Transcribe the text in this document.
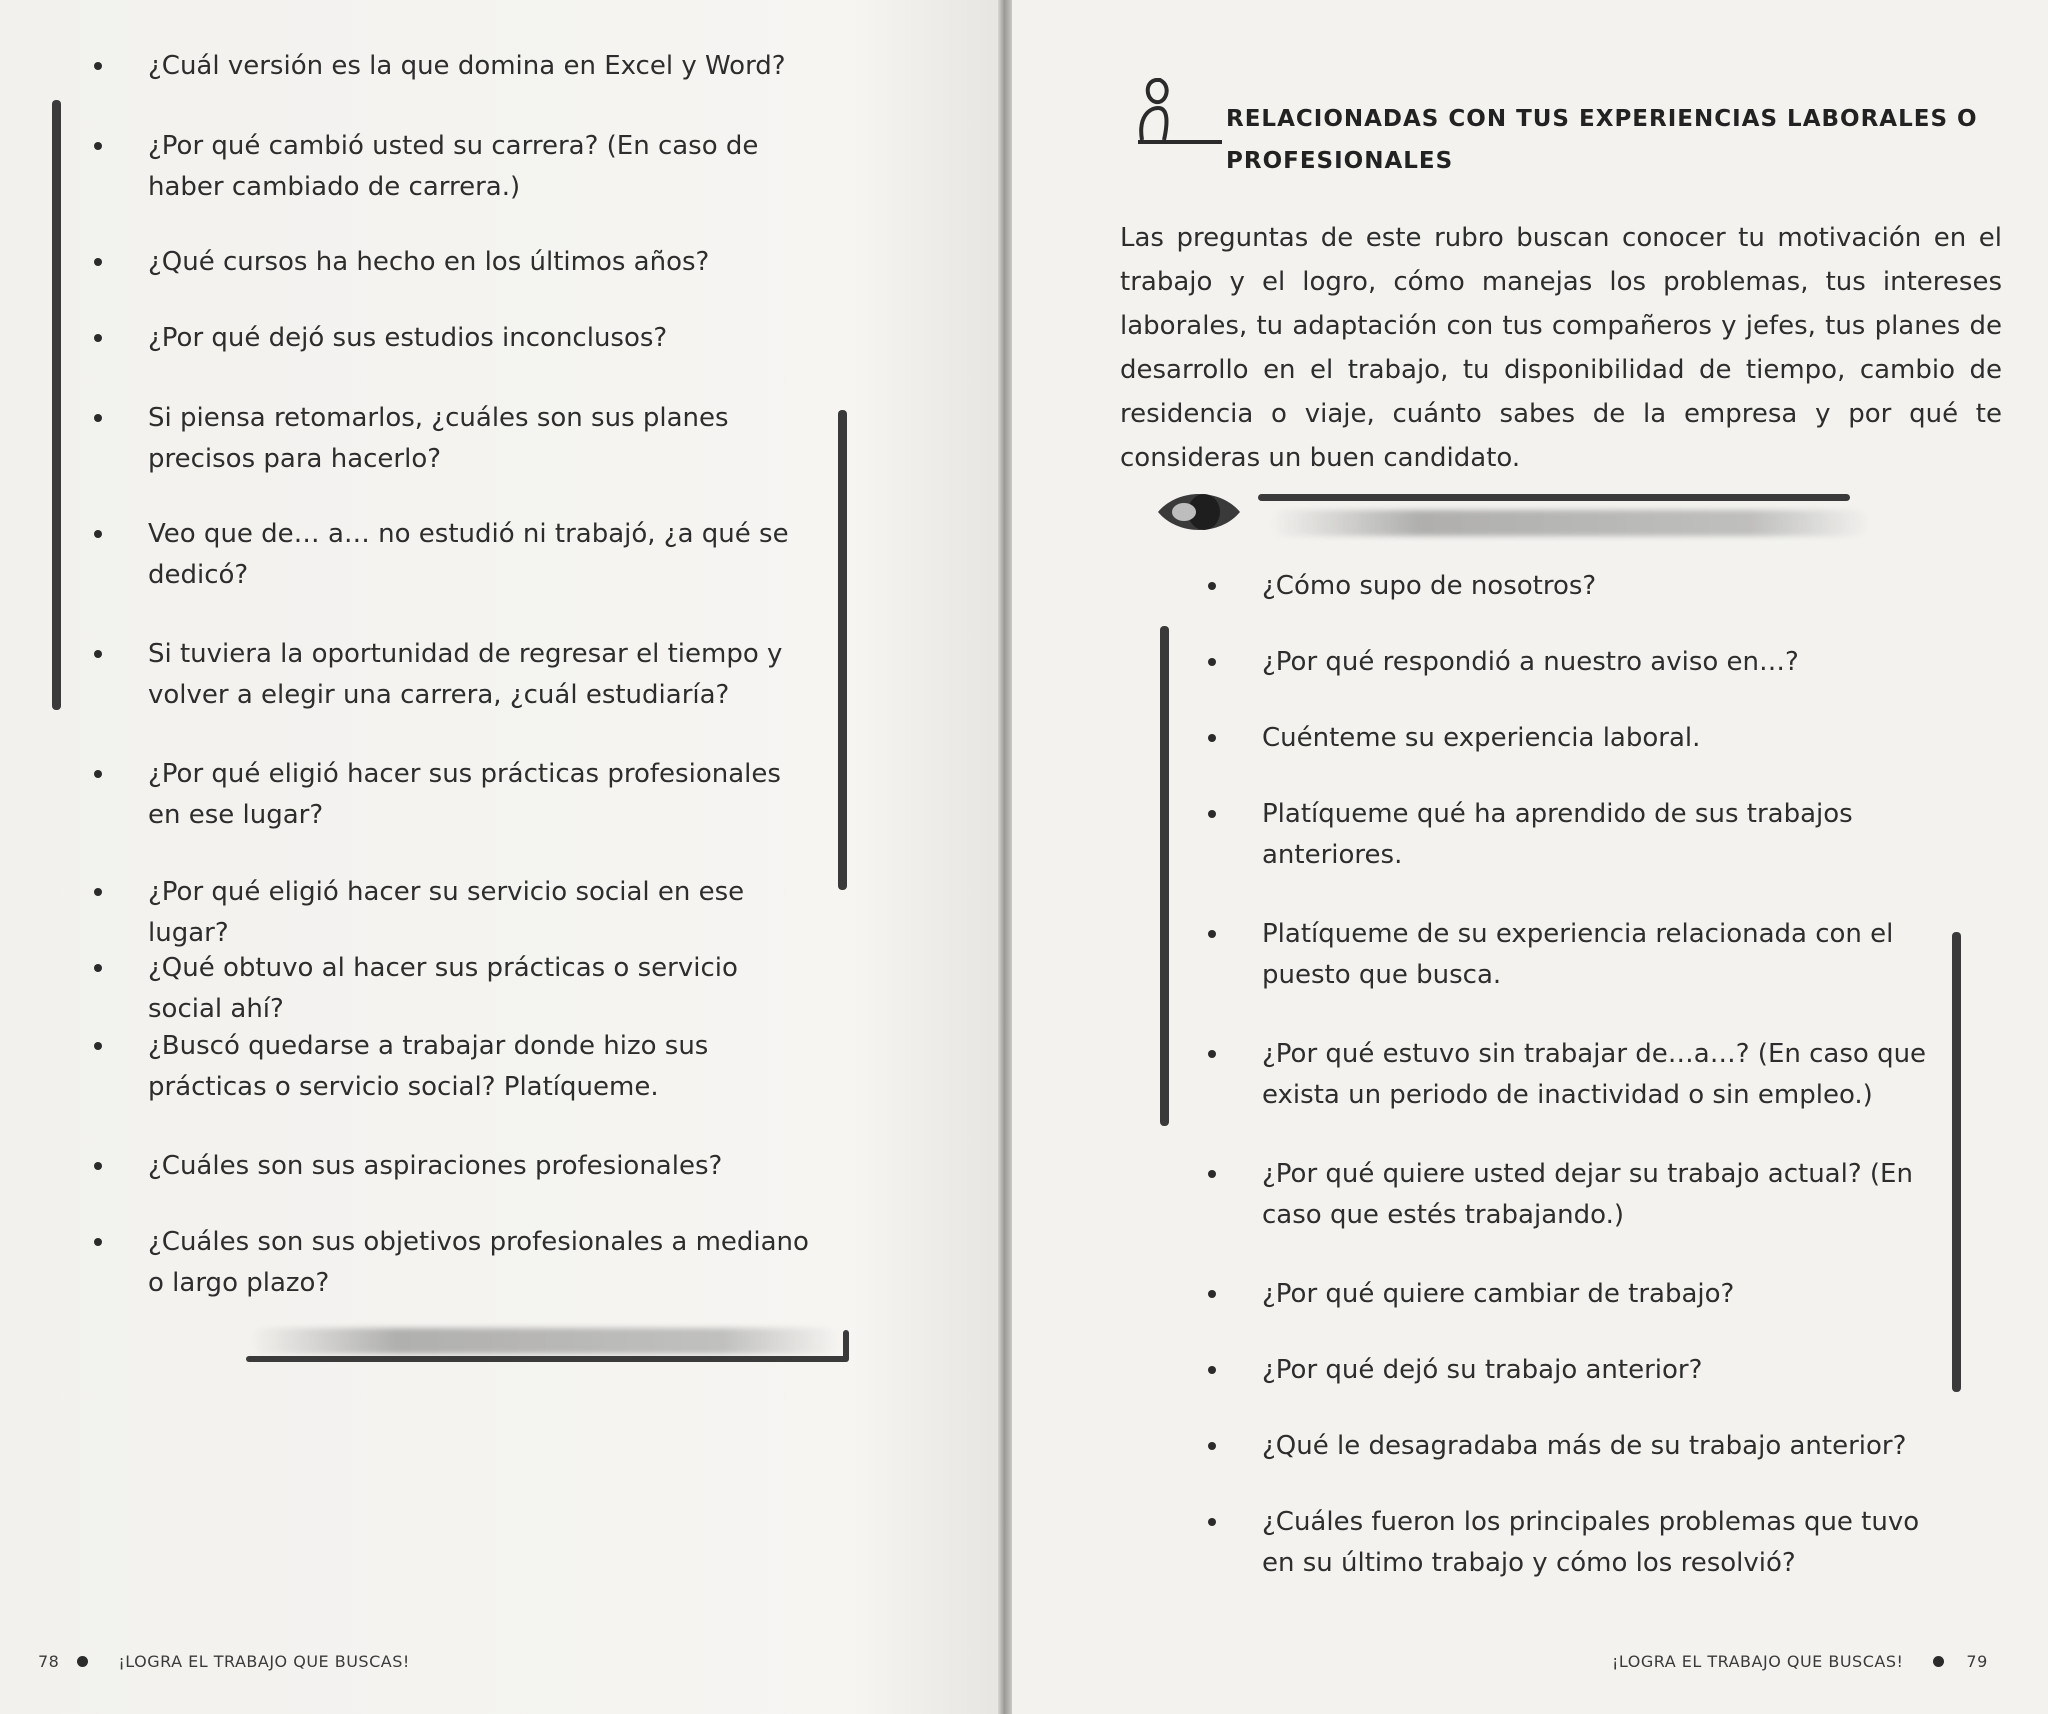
¿Cuál versión es la que domina en Excel y Word?
¿Por qué cambió usted su carrera? (En caso de haber cambiado de carrera.)
¿Qué cursos ha hecho en los últimos años?
¿Por qué dejó sus estudios inconclusos?
Si piensa retomarlos, ¿cuáles son sus planes precisos para hacerlo?
Veo que de… a… no estudió ni trabajó, ¿a qué se dedicó?
Si tuviera la oportunidad de regresar el tiempo y volver a elegir una carrera, ¿cuál estudiaría?
¿Por qué eligió hacer sus prácticas profesionales en ese lugar?
¿Por qué eligió hacer su servicio social en ese lugar?
¿Qué obtuvo al hacer sus prácticas o servicio social ahí?
¿Buscó quedarse a trabajar donde hizo sus prácticas o servicio social? Platíqueme.
¿Cuáles son sus aspiraciones profesionales?
¿Cuáles son sus objetivos profesionales a mediano o largo plazo?
78	¡LOGRA EL TRABAJO QUE BUSCAS!
RELACIONADAS CON TUS EXPERIENCIAS LABORALES O PROFESIONALES

Las preguntas de este rubro buscan conocer tu motivación en el trabajo y el logro, cómo manejas los problemas, tus intereses laborales, tu adaptación con tus compañeros y jefes, tus planes de desarrollo en el trabajo, tu disponibilidad de tiempo, cambio de residencia o viaje, cuánto sabes de la empresa y por qué te consideras un buen candidato.

¿Cómo supo de nosotros?
¿Por qué respondió a nuestro aviso en…?
Cuénteme su experiencia laboral.
Platíqueme qué ha aprendido de sus trabajos anteriores.
Platíqueme de su experiencia relacionada con el puesto que busca.
¿Por qué estuvo sin trabajar de…a…? (En caso que exista un periodo de inactividad o sin empleo.)
¿Por qué quiere usted dejar su trabajo actual? (En caso que estés trabajando.)
¿Por qué quiere cambiar de trabajo?
¿Por qué dejó su trabajo anterior?
¿Qué le desagradaba más de su trabajo anterior?
¿Cuáles fueron los principales problemas que tuvo en su último trabajo y cómo los resolvió?
¡LOGRA EL TRABAJO QUE BUSCAS!	79
